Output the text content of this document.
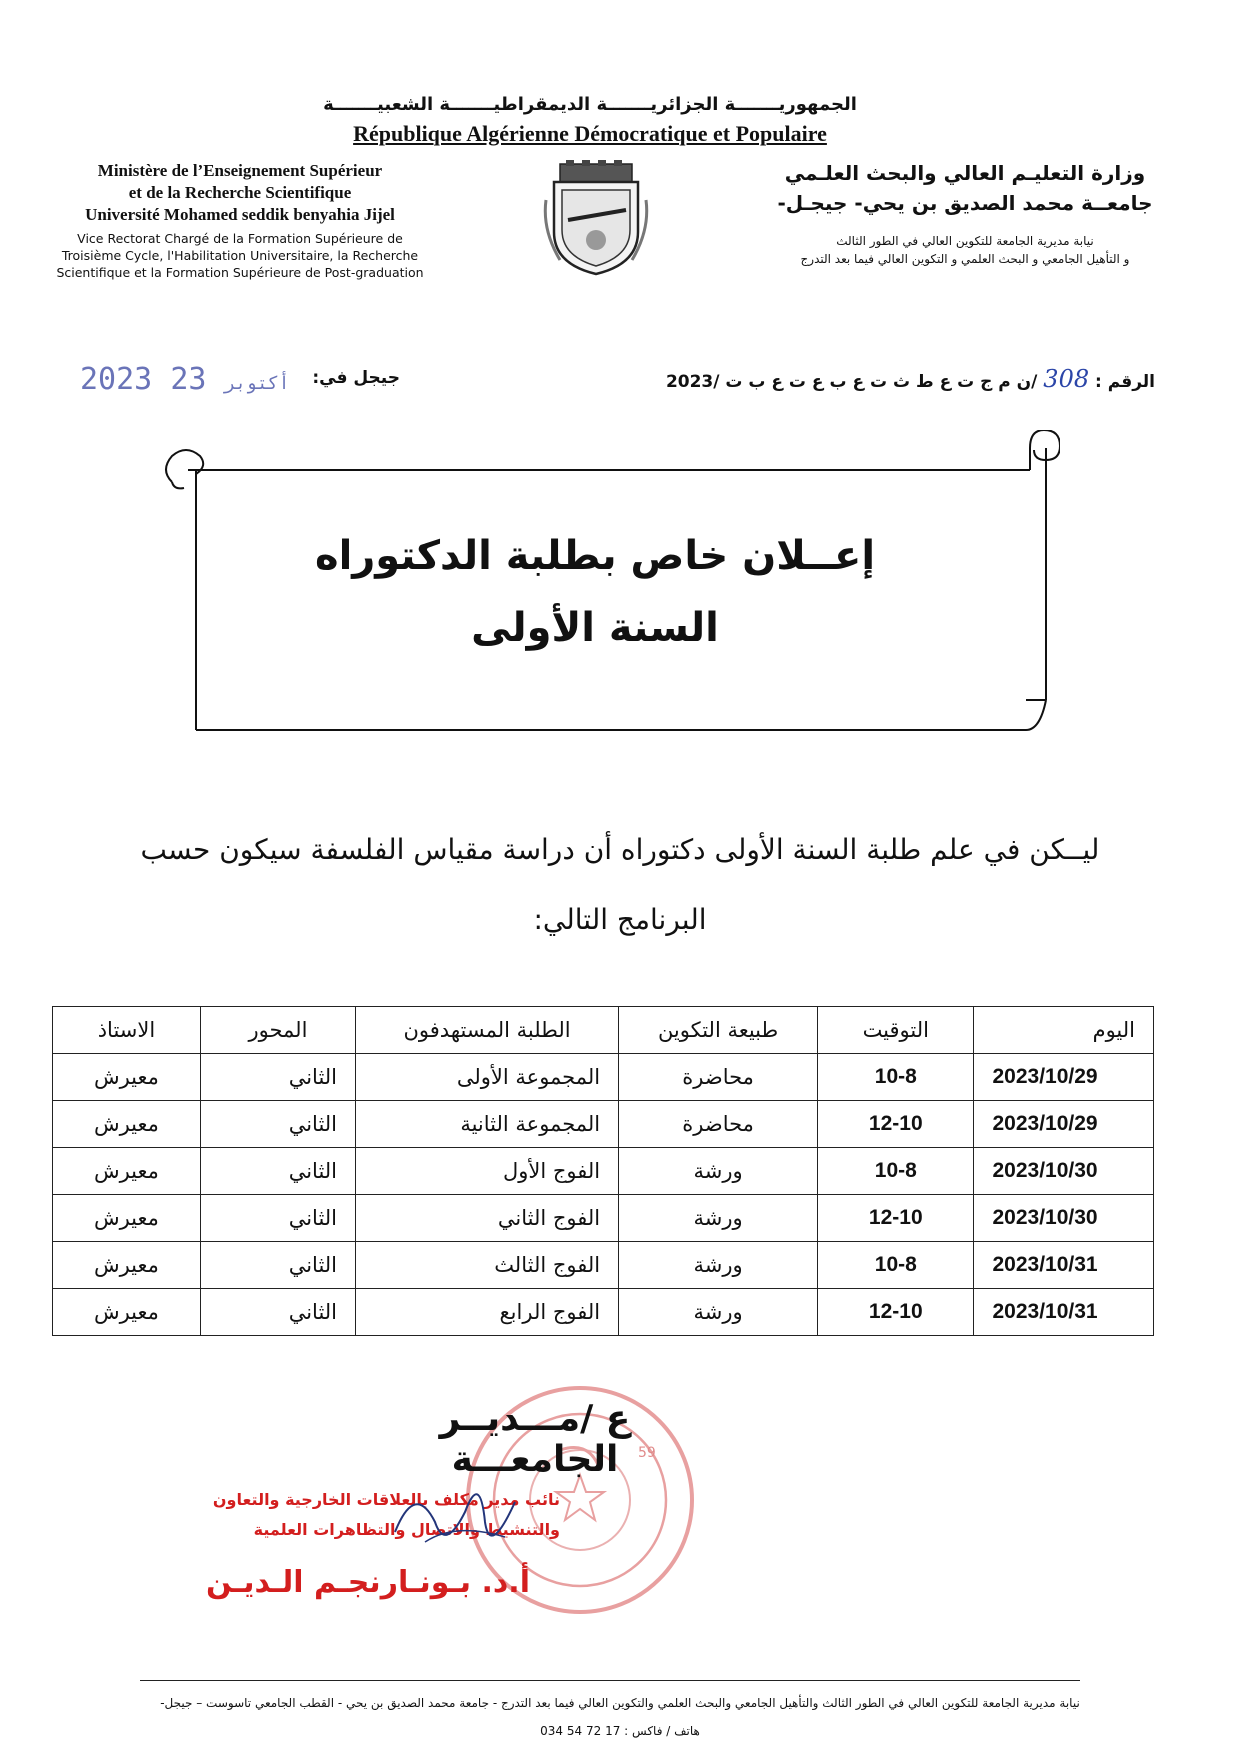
الجمهوريـــــــة الجزائريـــــــة الديمقراطيـــــــة الشعبيـــــــة
République Algérienne Démocratique et Populaire
Ministère de l’Enseignement Supérieur
et de la Recherche Scientifique
Université Mohamed seddik benyahia Jijel
Vice Rectorat Chargé de la Formation Supérieure de
Troisième Cycle, l'Habilitation Universitaire, la Recherche
Scientifique et la Formation Supérieure de Post-graduation
وزارة التعليـم العالي والبحث العلـمي
جامعــة محمد الصديق بن يحي- جيجـل-
نيابة مديرية الجامعة للتكوين العالي في الطور الثالث
و التأهيل الجامعي و البحث العلمي و التكوين العالي فيما بعد التدرج
الرقم : 308 /ن م ج ت ع ط ث ت ع ب ع ت ع ب ت /2023
جيجل في:
2023	أكتوبر 23
إعــلان خاص بطلبة الدكتوراه
السنة الأولى
ليــكن في علم طلبة السنة الأولى دكتوراه أن دراسة مقياس الفلسفة سيكون حسب
البرنامج التالي:
اليوم	التوقيت	طبيعة التكوين	الطلبة المستهدفون	المحور	الاستاذ
2023/10/29	10-8	محاضرة	المجموعة الأولى	الثاني	معيرش
2023/10/29	12-10	محاضرة	المجموعة الثانية	الثاني	معيرش
2023/10/30	10-8	ورشة	الفوج الأول	الثاني	معيرش
2023/10/30	12-10	ورشة	الفوج الثاني	الثاني	معيرش
2023/10/31	10-8	ورشة	الفوج الثالث	الثاني	معيرش
2023/10/31	12-10	ورشة	الفوج الرابع	الثاني	معيرش
59
ع /مـــديــر الجامعـــة
نائب مدير مكلف بالعلاقات الخارجية والتعاون
والتنشيط والاتصال والتظاهرات العلمية
أ.د. بـونـارنجـم الـديـن
نيابة مديرية الجامعة للتكوين العالي في الطور الثالث والتأهيل الجامعي والبحث العلمي والتكوين العالي فيما بعد التدرج - جامعة محمد الصديق بن يحي - القطب الجامعي تاسوست – جيجل-
هاتف / فاكس : 17 72 54 034
